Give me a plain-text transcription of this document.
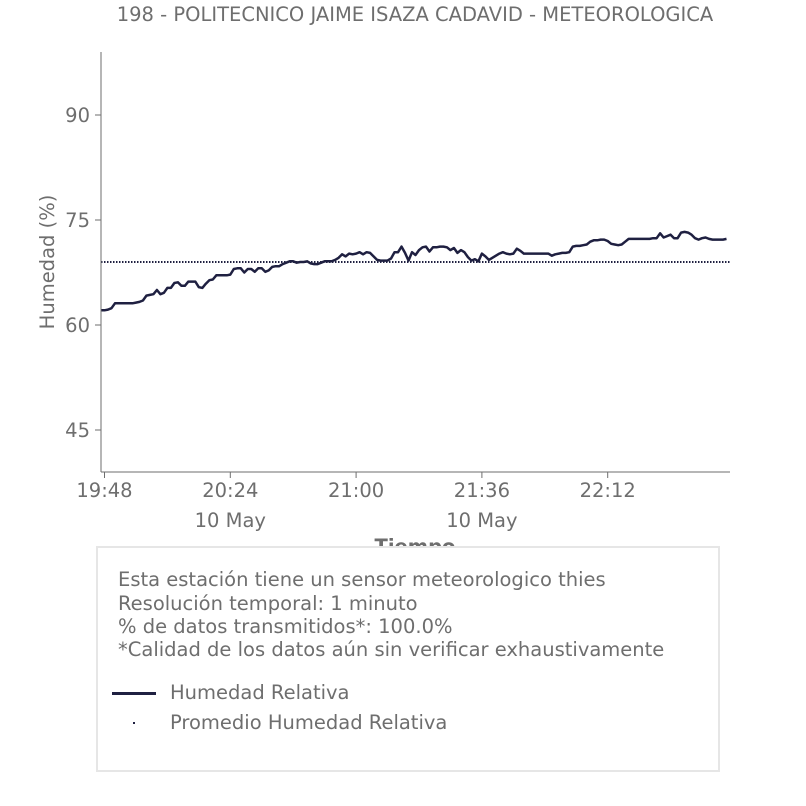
198 - POLITECNICO JAIME ISAZA CADAVID - METEOROLOGICA
45
60
75
90
19:48	20:24
10 May
21:00	21:36
10 May
22:12
Humedad (%)
Esta estación tiene un sensor meteorologico thies
Resolución temporal: 1 minuto
% de datos transmitidos*: 100.0%
*Calidad de los datos aún sin verificar exhaustivamente
Humedad Relativa
Promedio Humedad Relativa
